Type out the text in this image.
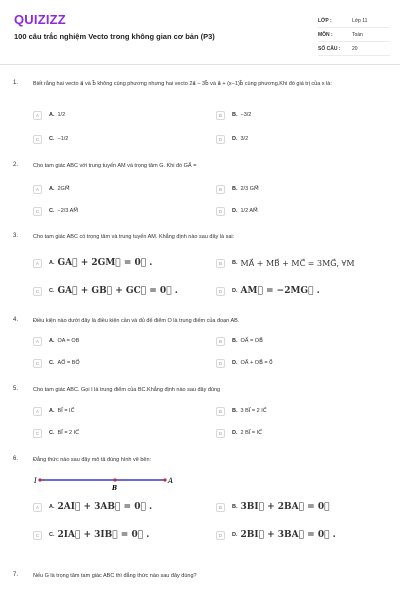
QUIZIZZ
100 câu trắc nghiệm Vecto trong không gian cơ bản (P3)
LỚP :	Lớp 11
MÔN :	Toán
SỐ CÂU :	20
1.	Biết rằng hai vecto a⃗ và b⃗ không cùng phương nhưng hai vecto 2a⃗ − 3b⃗ và a⃗ + (x−1)b⃗ cùng phương.Khi đó giá trị của x là:
A	A. 1/2	B	B. −3/2
C	C. −1/2	D	D. 3/2
2.	Cho tam giác ABC với trung tuyến AM và trọng tâm G. Khi đó GA⃗ =
A	A. 2GM⃗	B	B. 2/3 GM⃗
C	C. −2/3 AM⃗	D	D. 1/2 AM⃗
3.	Cho tam giác ABC có trọng tâm và trung tuyến AM. Khẳng định nào sau đây là sai:
A	A. GA⃗ + 2GM⃗ = 0⃗ .	B	B. MA⃗ + MB⃗ + MC⃗ = 3MG⃗, ∀M
C	C. GA⃗ + GB⃗ + GC⃗ = 0⃗ .	D	D. AM⃗ = −2MG⃗ .
4.	Điều kiện nào dưới đây là điều kiện cần và đủ để điểm O là trung điểm của đoạn AB.
A	A. OA = OB	B	B. OA⃗ = OB⃗
C	C. AO⃗ = BO⃗	D	D. OA⃗ + OB⃗ = 0⃗
5.	Cho tam giác ABC. Gọi I là trung điểm của BC.Khẳng định nào sau đây đúng
A	A. BI⃗ = IC⃗	B	B. 3 BI⃗ = 2 IC⃗
C	C. BI⃗ = 2 IC⃗	D	D. 2 BI⃗ = IC⃗
6.	Đẳng thức nào sau đây mô tả đúng hình vẽ bên:
I
B
A
A	A. 2AI⃗ + 3AB⃗ = 0⃗ .	B	B. 3BI⃗ + 2BA⃗ = 0⃗
C	C. 2IA⃗ + 3IB⃗ = 0⃗ .	D	D. 2BI⃗ + 3BA⃗ = 0⃗ .
7.	Nếu G là trọng tâm tam giác ABC thì đẳng thức nào sau đây đúng?
